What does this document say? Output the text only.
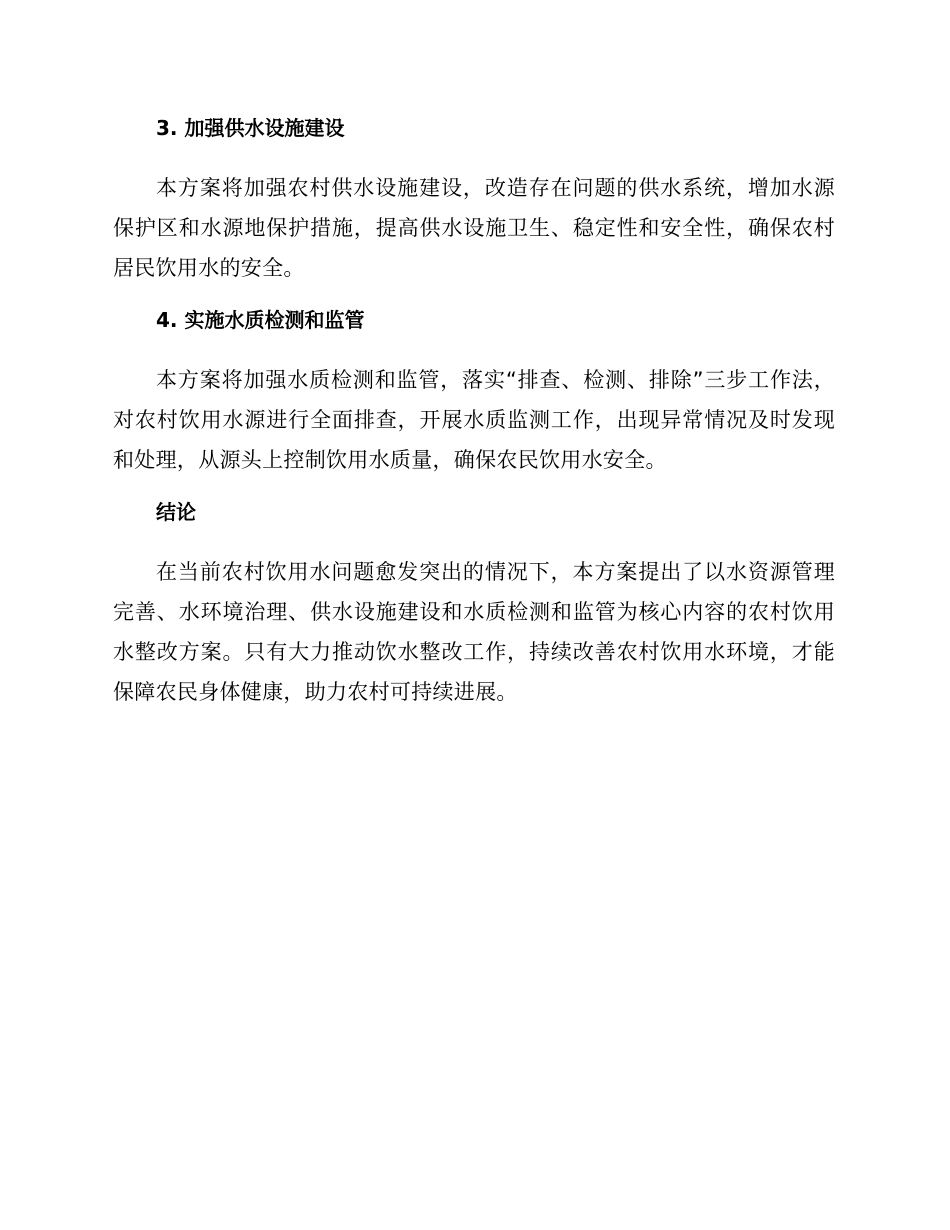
3. 加强供水设施建设

本方案将加强农村供水设施建设，改造存在问题的供水系统，增加水源保护区和水源地保护措施，提高供水设施卫生、稳定性和安全性，确保农村居民饮用水的安全。

4. 实施水质检测和监管

本方案将加强水质检测和监管，落实“排查、检测、排除”三步工作法，对农村饮用水源进行全面排查，开展水质监测工作，出现异常情况及时发现和处理，从源头上控制饮用水质量，确保农民饮用水安全。

结论

在当前农村饮用水问题愈发突出的情况下，本方案提出了以水资源管理完善、水环境治理、供水设施建设和水质检测和监管为核心内容的农村饮用水整改方案。只有大力推动饮水整改工作，持续改善农村饮用水环境，才能保障农民身体健康，助力农村可持续进展。
